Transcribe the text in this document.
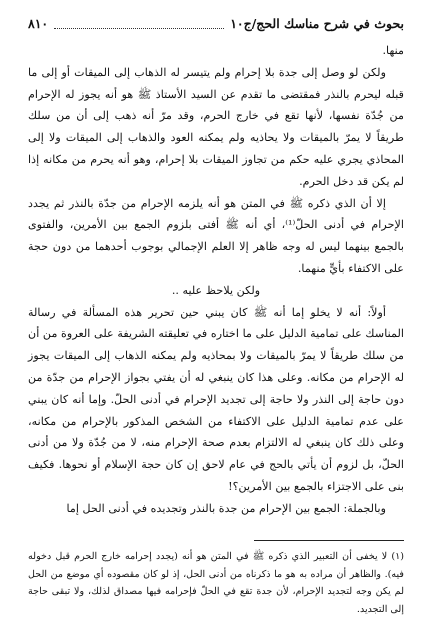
بحوث في شرح مناسك الحج/ج١٠
٨١٠

منها.

ولكن لو وصل إلى جدة بلا إحرام ولم يتيسر له الذهاب إلى الميقات أو إلى ما قبله ليحرم بالنذر فمقتضى ما تقدم عن السيد الأستاذ ﷺ هو أنه يجوز له الإحرام من جُدّة نفسها، لأنها تقع في خارج الحرم، وقد مرّ أنه ذهب إلى أن من سلك طريقاً لا يمرّ بالميقات ولا يحاذيه ولم يمكنه العود والذهاب إلى الميقات ولا إلى المحاذي يجري عليه حكم من تجاوز الميقات بلا إحرام، وهو أنه يحرم من مكانه إذا لم يكن قد دخل الحرم.

إلا أن الذي ذكره ﷺ في المتن هو أنه يلزمه الإحرام من جدّة بالنذر ثم يجدد الإحرام في أدنى الحلّ⁽¹⁾، أي أنه ﷺ أفتى بلزوم الجمع بين الأمرين، والفتوى بالجمع بينهما ليس له وجه ظاهر إلا العلم الإجمالي بوجوب أحدهما من دون حجة على الاكتفاء بأيٍّ منهما.

ولكن يلاحظ عليه ..

أولاً: أنه لا يخلو إما أنه ﷺ كان يبني حين تحرير هذه المسألة في رسالة المناسك على تمامية الدليل على ما اختاره في تعليقته الشريفة على العروة من أن من سلك طريقاً لا يمرّ بالميقات ولا بمحاذيه ولم يمكنه الذهاب إلى الميقات يجوز له الإحرام من مكانه. وعلى هذا كان ينبغي له أن يفتي بجواز الإحرام من جدّة من دون حاجة إلى النذر ولا حاجة إلى تجديد الإحرام في أدنى الحلّ. وإما أنه كان يبني على عدم تمامية الدليل على الاكتفاء من الشخص المذكور بالإحرام من مكانه، وعلى ذلك كان ينبغي له الالتزام بعدم صحة الإحرام منه، لا من جُدّة ولا من أدنى الحلّ، بل لزوم أن يأتي بالحج في عام لاحق إن كان حجة الإسلام أو نحوها. فكيف بنى على الاجتزاء بالجمع بين الأمرين؟!

وبالجملة: الجمع بين الإحرام من جدة بالنذر وتجديده في أدنى الحل إما

(١) لا يخفى أن التعبير الذي ذكره ﷺ في المتن هو أنه (يجدد إحرامه خارج الحرم قبل دخوله فيه). والظاهر أن مراده به هو ما ذكرناه من أدنى الحل، إذ لو كان مقصوده أي موضع من الحل لم يكن وجه لتجديد الإحرام، لأن جدة تقع في الحلّ فإحرامه فيها مصداق لذلك، ولا تبقى حاجة إلى التجديد.
